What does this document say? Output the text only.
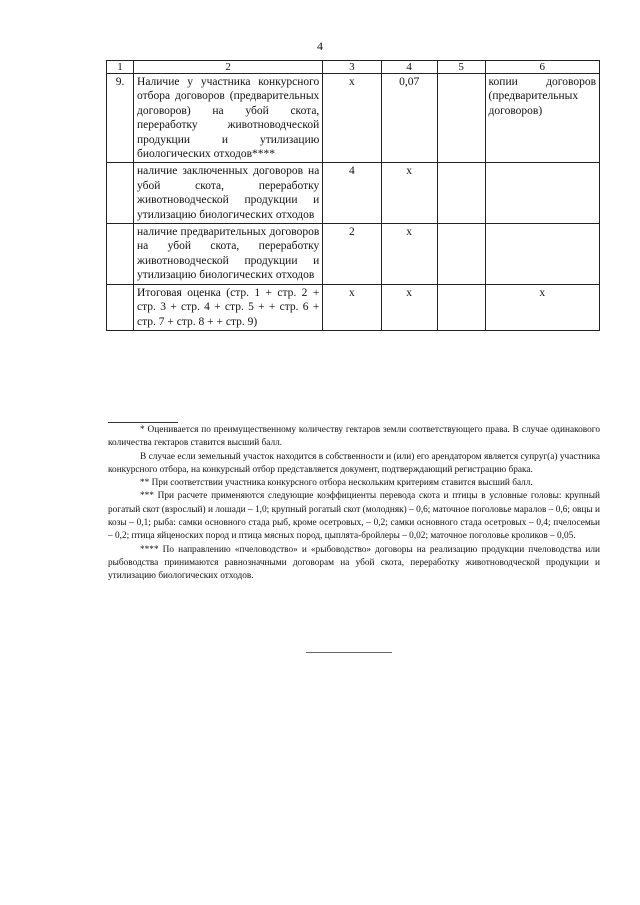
4
1	2	3	4	5	6
9.	Наличие у участника конкурсного отбора договоров (предварительных договоров) на убой скота, переработку животноводческой продукции и утилизацию биологических отходов****	х	0,07		копии договоров (предварительных договоров)
	наличие заключенных договоров на убой скота, переработку животноводческой продукции и утилизацию биологических отходов	4	х		
	наличие предварительных договоров на убой скота, переработку животноводческой продукции и утилизацию биологических отходов	2	х		
	Итоговая оценка (стр. 1 + стр. 2 + стр. 3 + стр. 4 + стр. 5 + + стр. 6 + стр. 7 + стр. 8 + + стр. 9)	х	х		х

* Оценивается по преимущественному количеству гектаров земли соответствующего права. В случае одинакового количества гектаров ставится высший балл.

В случае если земельный участок находится в собственности и (или) его арендатором является супруг(а) участника конкурсного отбора, на конкурсный отбор представляется документ, подтверждающий регистрацию брака.

** При соответствии участника конкурсного отбора нескольким критериям ставится высший балл.

*** При расчете применяются следующие коэффициенты перевода скота и птицы в условные головы: крупный рогатый скот (взрослый) и лошади – 1,0; крупный рогатый скот (молодняк) – 0,6; маточное поголовье маралов – 0,6; овцы и козы – 0,1; рыба: самки основного стада рыб, кроме осетровых, – 0,2; самки основного стада осетровых – 0,4; пчелосемьи – 0,2; птица яйценоских пород и птица мясных пород, цыплята-бройлеры – 0,02; маточное поголовье кроликов – 0,05.

**** По направлению «пчеловодство» и «рыбоводство» договоры на реализацию продукции пчеловодства или рыбоводства принимаются равнозначными договорам на убой скота, переработку животноводческой продукции и утилизацию биологических отходов.
